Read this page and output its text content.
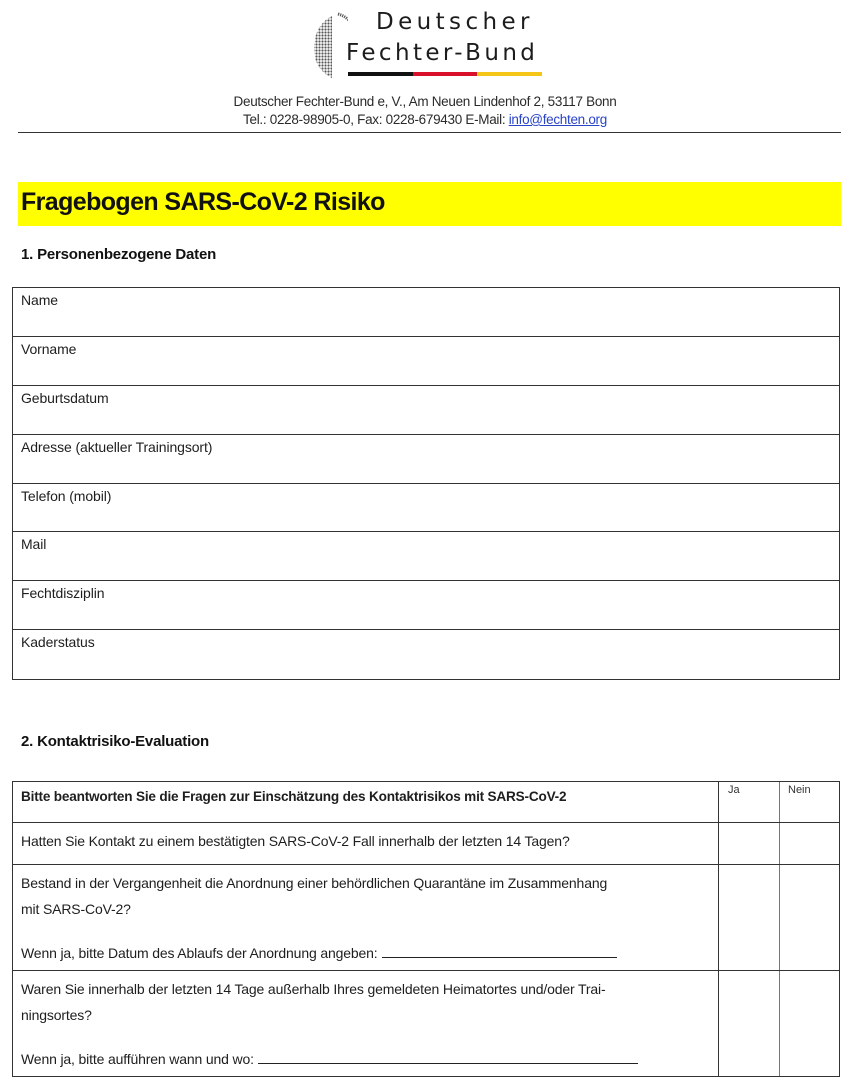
Deutscher
Fechter-Bund
Deutscher Fechter-Bund e, V., Am Neuen Lindenhof 2, 53117 Bonn
Tel.: 0228-98905-0, Fax: 0228-679430 E-Mail: info@fechten.org
Fragebogen SARS-CoV-2 Risiko
1. Personenbezogene Daten
Name
Vorname
Geburtsdatum
Adresse (aktueller Trainingsort)
Telefon (mobil)
Mail
Fechtdisziplin
Kaderstatus
2. Kontaktrisiko-Evaluation
Bitte beantworten Sie die Fragen zur Einschätzung des Kontaktrisikos mit SARS-CoV-2	Ja	Nein
Hatten Sie Kontakt zu einem bestätigten SARS-CoV-2 Fall innerhalb der letzten 14 Tagen?
Bestand in der Vergangenheit die Anordnung einer behördlichen Quarantäne im Zusammenhang
mit SARS-CoV-2?
Wenn ja, bitte Datum des Ablaufs der Anordnung angeben:
Waren Sie innerhalb der letzten 14 Tage außerhalb Ihres gemeldeten Heimatortes und/oder Trai-
ningsortes?
Wenn ja, bitte aufführen wann und wo:
